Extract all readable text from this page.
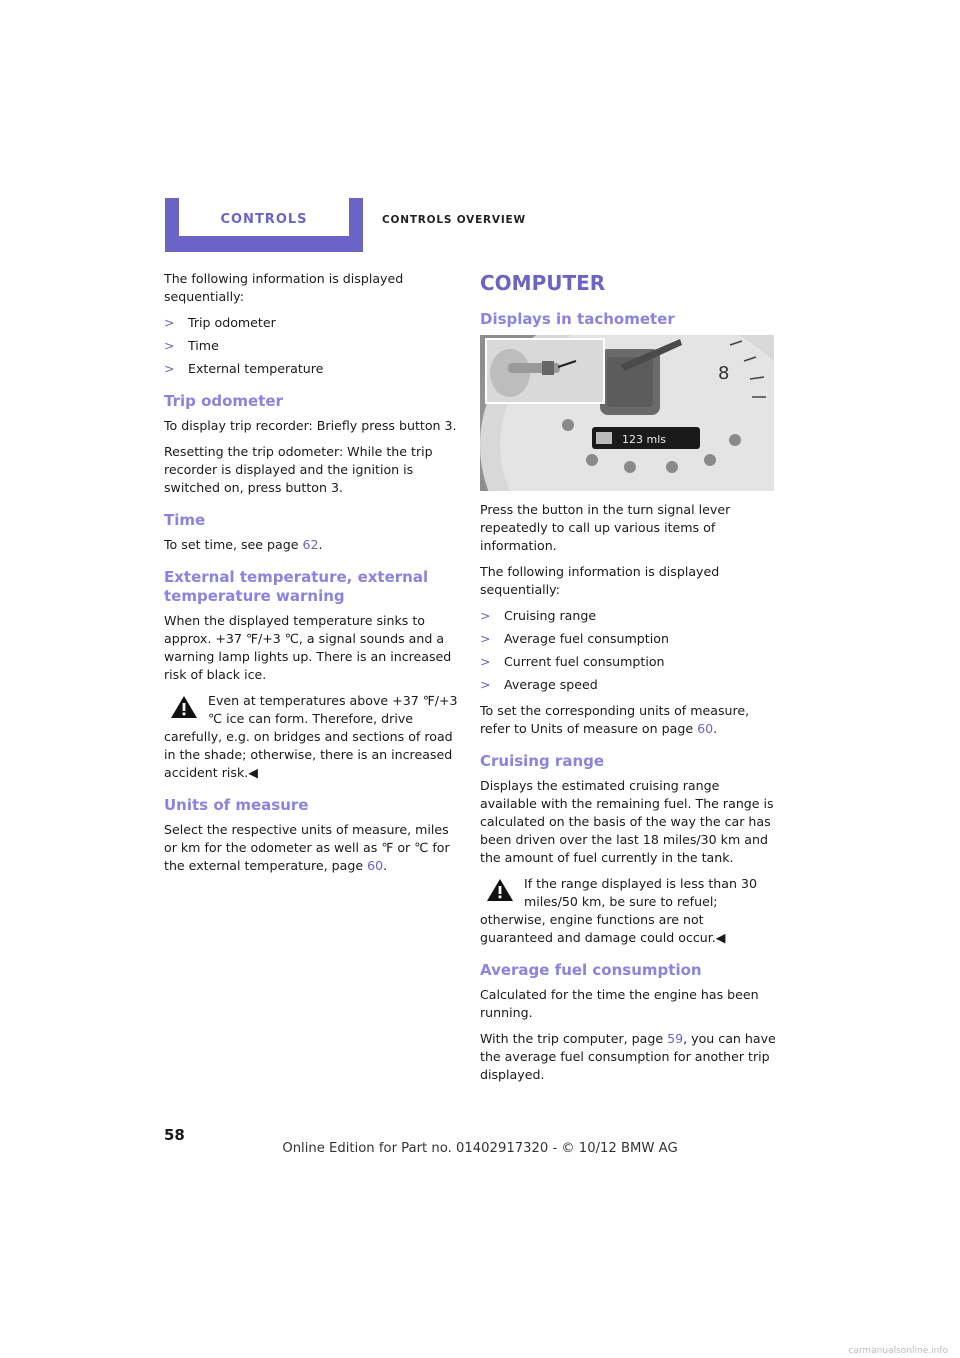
CONTROLS	CONTROLS OVERVIEW

The following information is displayed sequentially:

> Trip odometer
> Time
> External temperature
Trip odometer

To display trip recorder: Briefly press button 3.

Resetting the trip odometer: While the trip recorder is displayed and the ignition is switched on, press button 3.

Time

To set time, see page 62.

External temperature, external temperature warning

When the displayed temperature sinks to approx. +37 ℉/+3 ℃, a signal sounds and a warning lamp lights up. There is an increased risk of black ice.

Even at temperatures above +37 ℉/+3 ℃ ice can form. Therefore, drive carefully, e.g. on bridges and sections of road in the shade; otherwise, there is an increased accident risk.◀
Units of measure

Select the respective units of measure, miles or km for the odometer as well as ℉ or ℃ for the external temperature, page 60.

COMPUTER
Displays in tachometer
123 mls
8

Press the button in the turn signal lever repeatedly to call up various items of information.

The following information is displayed sequentially:

> Cruising range
> Average fuel consumption
> Current fuel consumption
> Average speed

To set the corresponding units of measure, refer to Units of measure on page 60.

Cruising range

Displays the estimated cruising range available with the remaining fuel. The range is calculated on the basis of the way the car has been driven over the last 18 miles/30 km and the amount of fuel currently in the tank.

If the range displayed is less than 30 miles/50 km, be sure to refuel; otherwise, engine functions are not guaranteed and damage could occur.◀
Average fuel consumption

Calculated for the time the engine has been running.

With the trip computer, page 59, you can have the average fuel consumption for another trip displayed.

58
Online Edition for Part no. 01402917320 - © 10/12 BMW AG
carmanualsonline.info
